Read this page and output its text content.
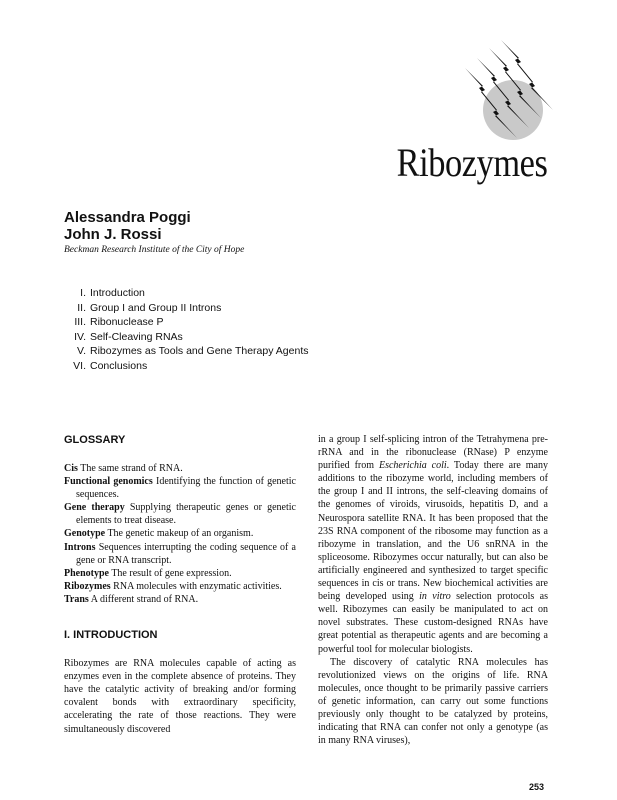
Ribozymes
Alessandra Poggi
John J. Rossi
Beckman Research Institute of the City of Hope
I. Introduction
II. Group I and Group II Introns
III. Ribonuclease P
IV. Self-Cleaving RNAs
V. Ribozymes as Tools and Gene Therapy Agents
VI. Conclusions
GLOSSARY

Cis The same strand of RNA.

Functional genomics Identifying the function of genetic sequences.

Gene therapy Supplying therapeutic genes or genetic elements to treat disease.

Genotype The genetic makeup of an organism.

Introns Sequences interrupting the coding sequence of a gene or RNA transcript.

Phenotype The result of gene expression.

Ribozymes RNA molecules with enzymatic activities.

Trans A different strand of RNA.

I. INTRODUCTION

Ribozymes are RNA molecules capable of acting as enzymes even in the complete absence of proteins. They have the catalytic activity of breaking and/or forming covalent bonds with extraordinary specificity, accelerating the rate of those reactions. They were simultaneously discovered

in a group I self-splicing intron of the Tetrahymena pre-rRNA and in the ribonuclease (RNase) P enzyme purified from Escherichia coli. Today there are many additions to the ribozyme world, including members of the group I and II introns, the self-cleaving domains of the genomes of viroids, virusoids, hepatitis D, and a Neurospora satellite RNA. It has been proposed that the 23S RNA component of the ribosome may function as a ribozyme in translation, and the U6 snRNA in the spliceosome. Ribozymes occur naturally, but can also be artificially engineered and synthesized to target specific sequences in cis or trans. New biochemical activities are being developed using in vitro selection protocols as well. Ribozymes can easily be manipulated to act on novel substrates. These custom-designed RNAs have great potential as therapeutic agents and are becoming a powerful tool for molecular biologists.

The discovery of catalytic RNA molecules has revolutionized views on the origins of life. RNA molecules, once thought to be primarily passive carriers of genetic information, can carry out some functions previously only thought to be catalyzed by proteins, indicating that RNA can confer not only a genotype (as in many RNA viruses),

253
